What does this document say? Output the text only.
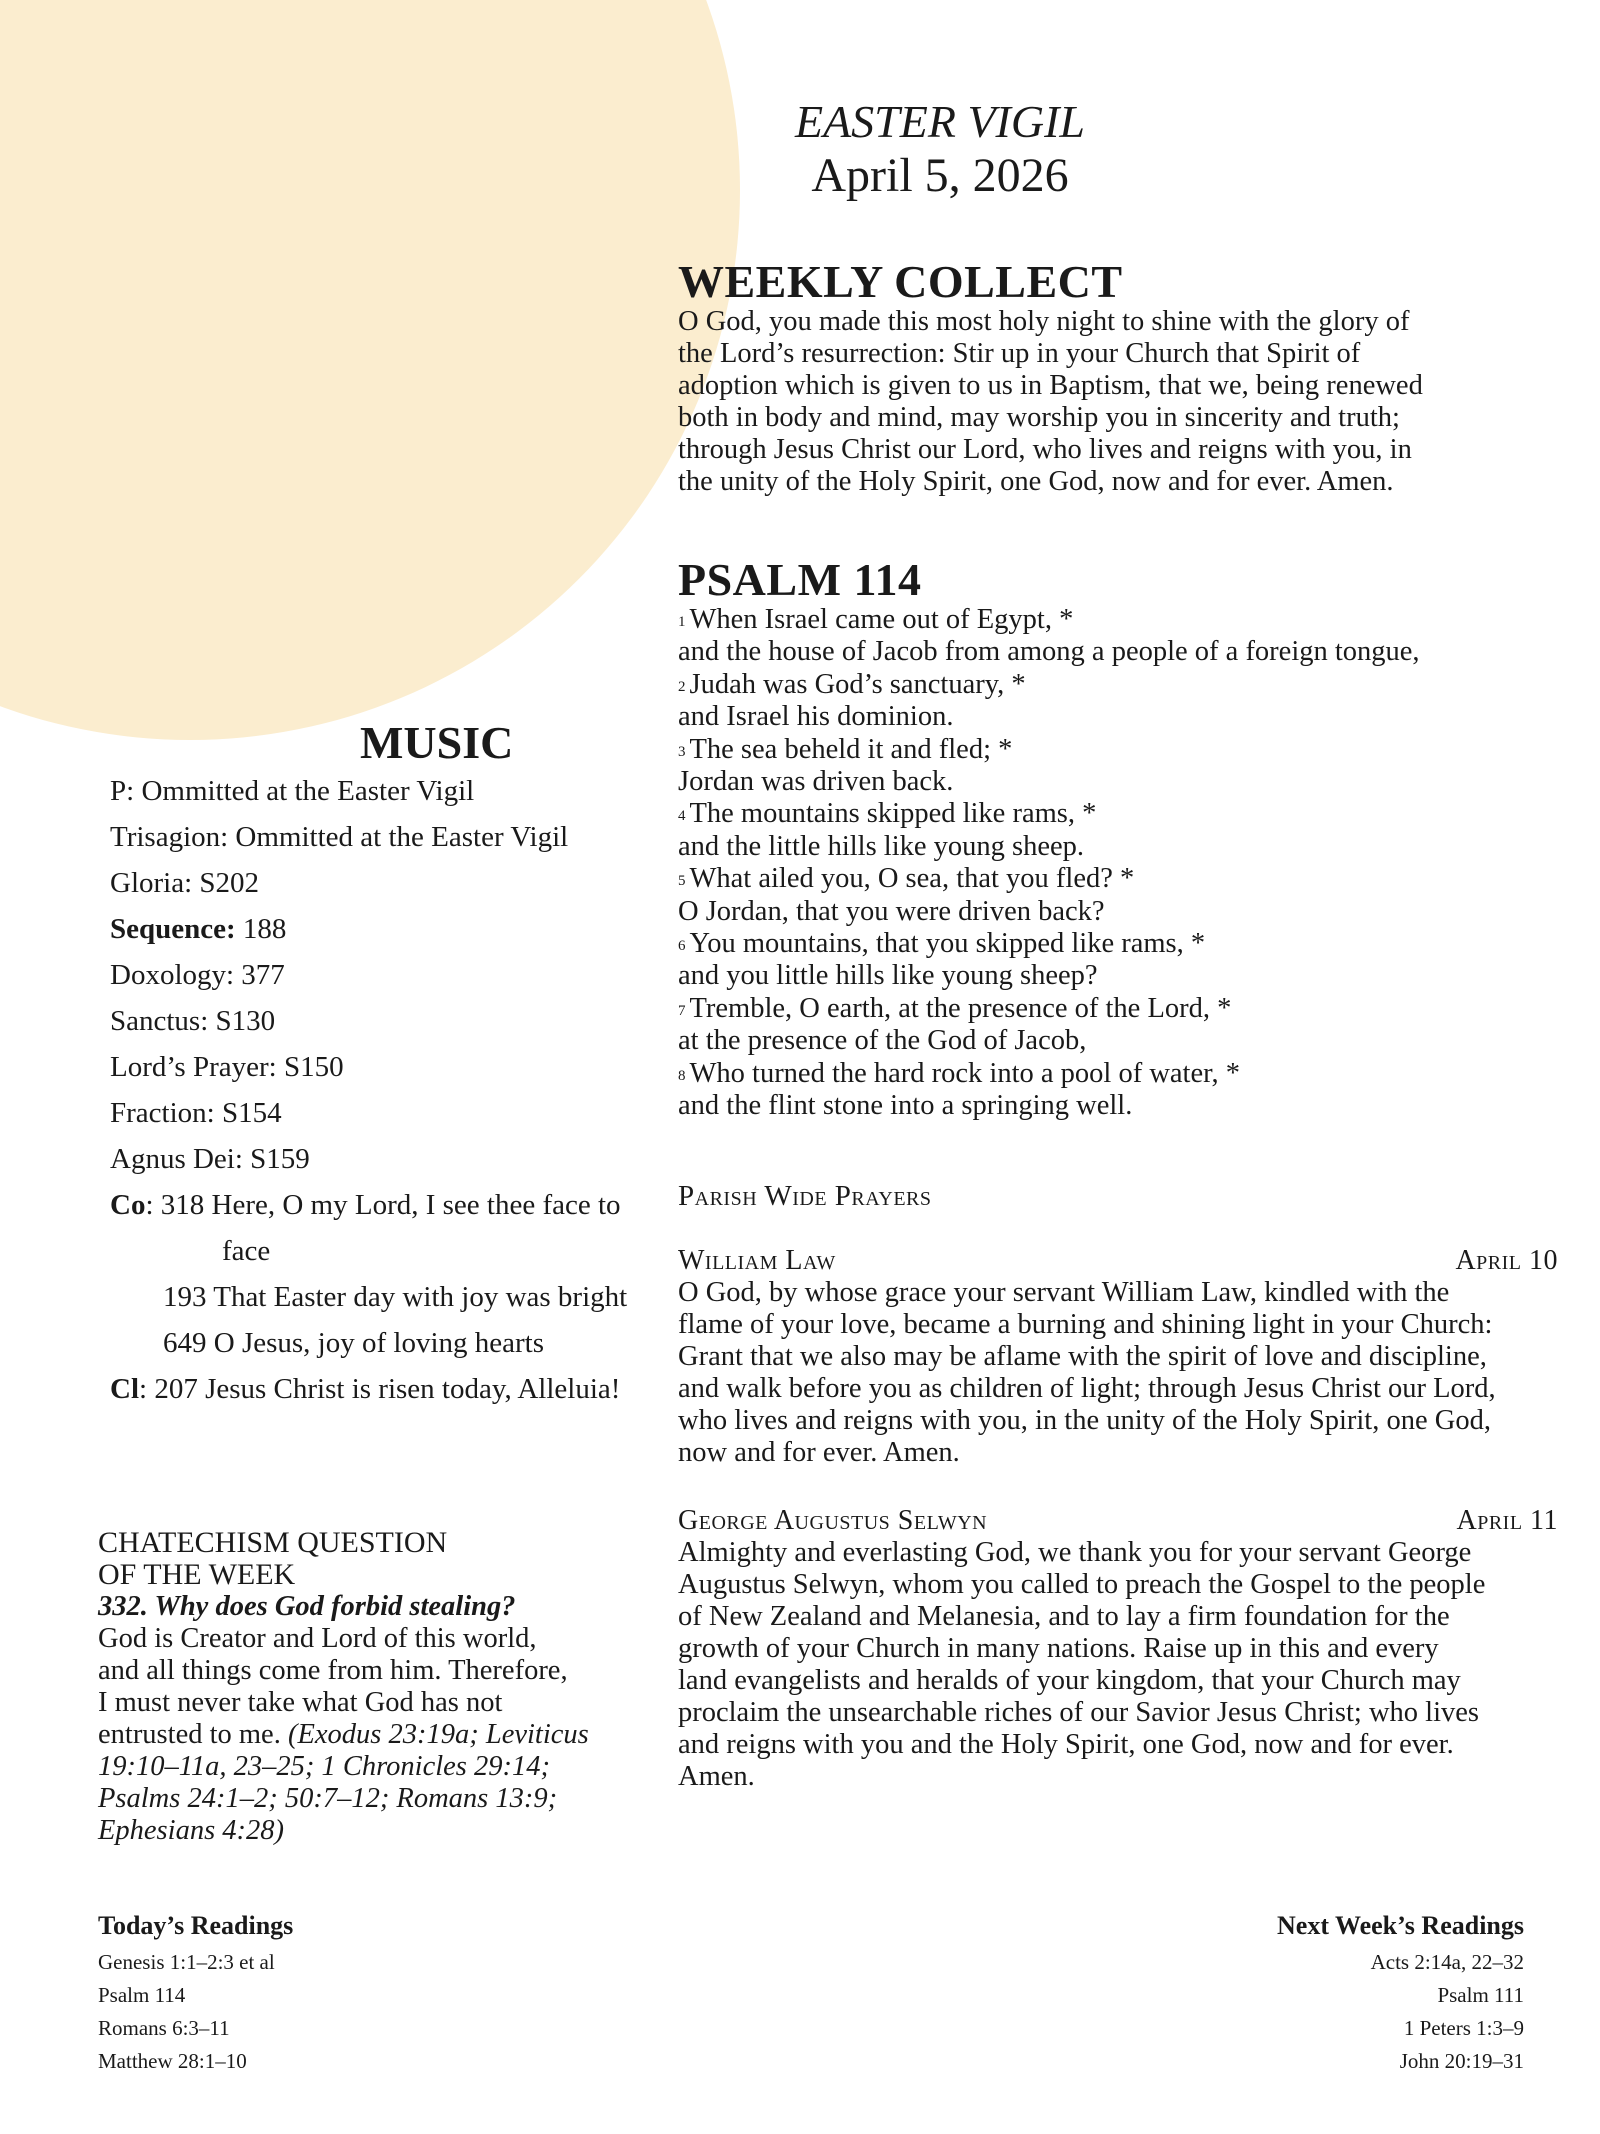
EASTER VIGIL
April 5, 2026
WEEKLY COLLECT
O God, you made this most holy night to shine with the glory of
the Lord’s resurrection: Stir up in your Church that Spirit of
adoption which is given to us in Baptism, that we, being renewed
both in body and mind, may worship you in sincerity and truth;
through Jesus Christ our Lord, who lives and reigns with you, in
the unity of the Holy Spirit, one God, now and for ever. Amen.
PSALM 114
$^1$ When Israel came out of Egypt, *
and the house of Jacob from among a people of a foreign tongue,
$^2$ Judah was God’s sanctuary, *
and Israel his dominion.
$^3$ The sea beheld it and fled; *
Jordan was driven back.
$^4$ The mountains skipped like rams, *
and the little hills like young sheep.
$^5$ What ailed you, O sea, that you fled? *
O Jordan, that you were driven back?
$^6$ You mountains, that you skipped like rams, *
and you little hills like young sheep?
$^7$ Tremble, O earth, at the presence of the Lord, *
at the presence of the God of Jacob,
$^8$ Who turned the hard rock into a pool of water, *
and the flint stone into a springing well.
MUSIC
P: Ommitted at the Easter Vigil
Trisagion: Ommitted at the Easter Vigil
Gloria: S202
Sequence: 188
Doxology: 377
Sanctus: S130
Lord’s Prayer: S150
Fraction: S154
Agnus Dei: S159
Co: 318 Here, O my Lord, I see thee face to
face
193 That Easter day with joy was bright
649 O Jesus, joy of loving hearts
Cl: 207 Jesus Christ is risen today, Alleluia!
Parish Wide Prayers
William Law	April 10
O God, by whose grace your servant William Law, kindled with the
flame of your love, became a burning and shining light in your Church:
Grant that we also may be aflame with the spirit of love and discipline,
and walk before you as children of light; through Jesus Christ our Lord,
who lives and reigns with you, in the unity of the Holy Spirit, one God,
now and for ever. Amen.
George Augustus Selwyn	April 11
Almighty and everlasting God, we thank you for your servant George
Augustus Selwyn, whom you called to preach the Gospel to the people
of New Zealand and Melanesia, and to lay a firm foundation for the
growth of your Church in many nations. Raise up in this and every
land evangelists and heralds of your kingdom, that your Church may
proclaim the unsearchable riches of our Savior Jesus Christ; who lives
and reigns with you and the Holy Spirit, one God, now and for ever.
Amen.
CHATECHISM QUESTION
OF THE WEEK
332. Why does God forbid stealing?
God is Creator and Lord of this world,
and all things come from him. Therefore,
I must never take what God has not
entrusted to me. (Exodus 23:19a; Leviticus
19:10–11a, 23–25; 1 Chronicles 29:14;
Psalms 24:1–2; 50:7–12; Romans 13:9;
Ephesians 4:28)
Today’s Readings
Genesis 1:1–2:3 et al
Psalm 114
Romans 6:3–11
Matthew 28:1–10
Next Week’s Readings
Acts 2:14a, 22–32
Psalm 111
1 Peters 1:3–9
John 20:19–31
